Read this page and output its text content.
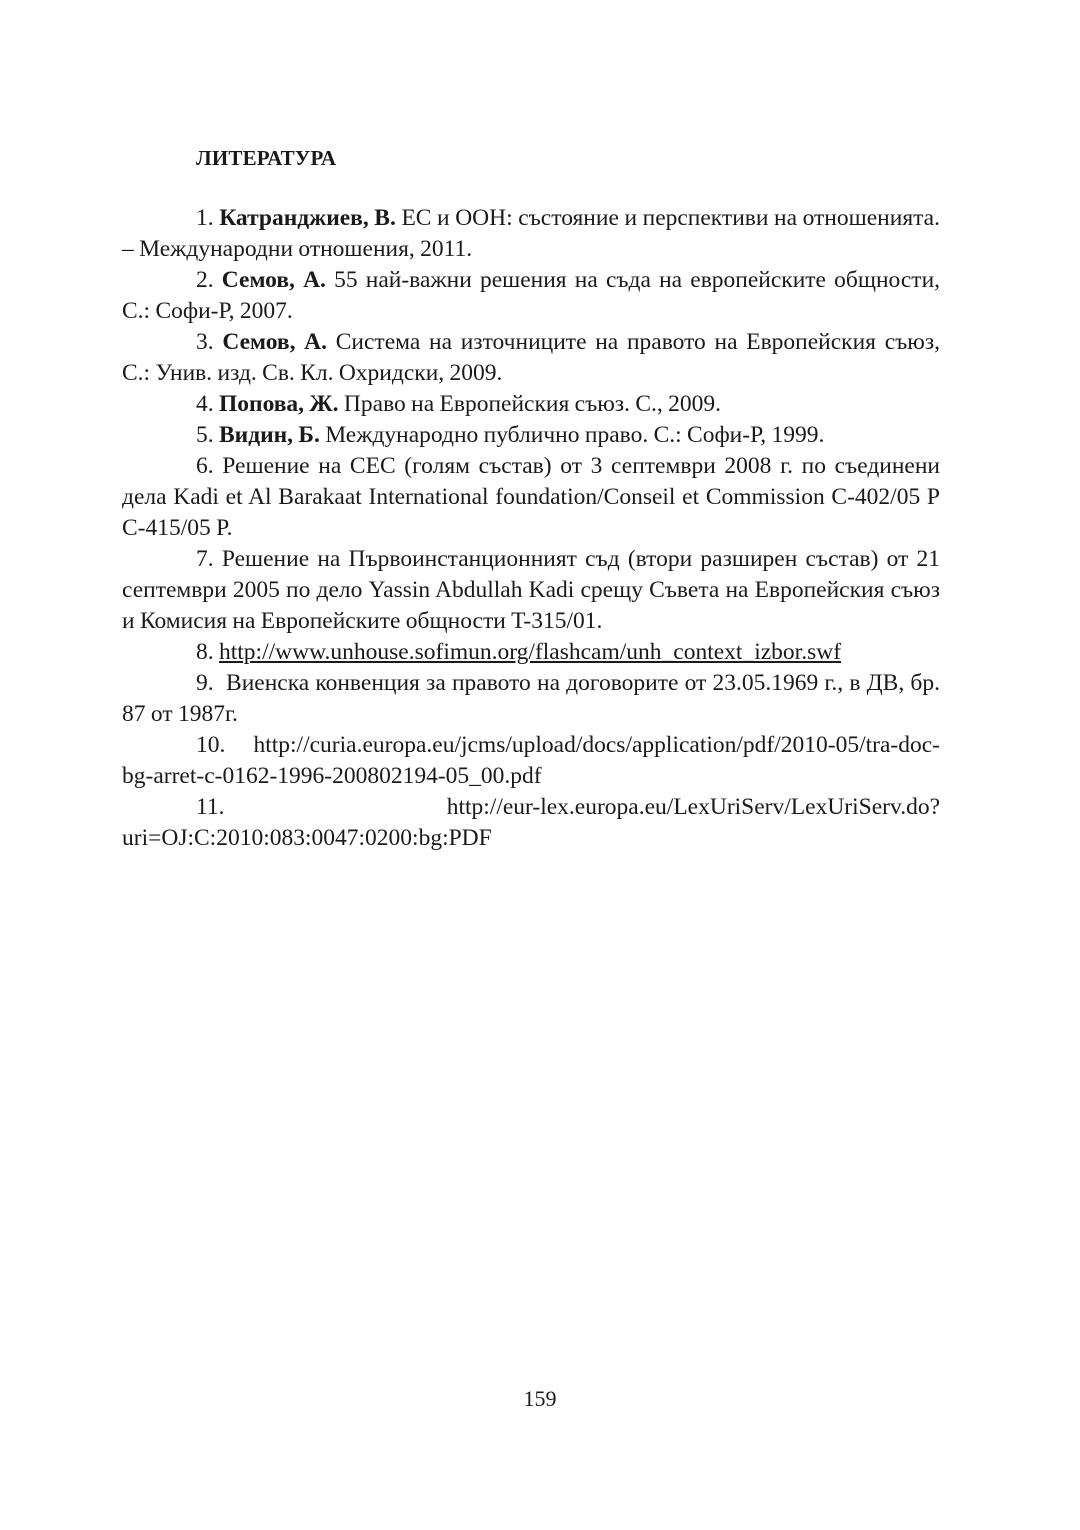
ЛИТЕРАТУРА

1. Катранджиев, В. ЕС и ООН: състояние и перспективи на отношенията. – Международни отношения, 2011.

2. Семов, А. 55 най-важни решения на съда на европейските общности, С.: Софи-Р, 2007.

3. Семов, А. Система на източниците на правото на Европейския съюз, С.: Унив. изд. Св. Кл. Охридски, 2009.

4. Попова, Ж. Право на Европейския съюз. С., 2009.

5. Видин, Б. Международно публично право. С.: Софи-Р, 1999.

6. Решение на СЕС (голям състав) от 3 септември 2008 г. по съединени дела Kadi et Al Barakaat International foundation/Conseil et Commission C-402/05 P C-415/05 P.

7. Решение на Първоинстанционният съд (втори разширен състав) от 21 септември 2005 по дело Yassin Abdullah Kadi срещу Съвета на Европейския съюз и Комисия на Европейските общности T-315/01.

8. http://www.unhouse.sofimun.org/flashcam/unh_context_izbor.swf

9. Виенска конвенция за правото на договорите от 23.05.1969 г., в ДВ, бр. 87 от 1987г.

10. http://curia.europa.eu/jcms/upload/docs/application/pdf/2010-05/tra-doc-bg-arret-c-0162-1996-200802194-05_00.pdf

11.	http://eur-lex.europa.eu/LexUriServ/LexUriServ.do?uri=OJ:C:2010:083:0047:0200:bg:PDF

159
